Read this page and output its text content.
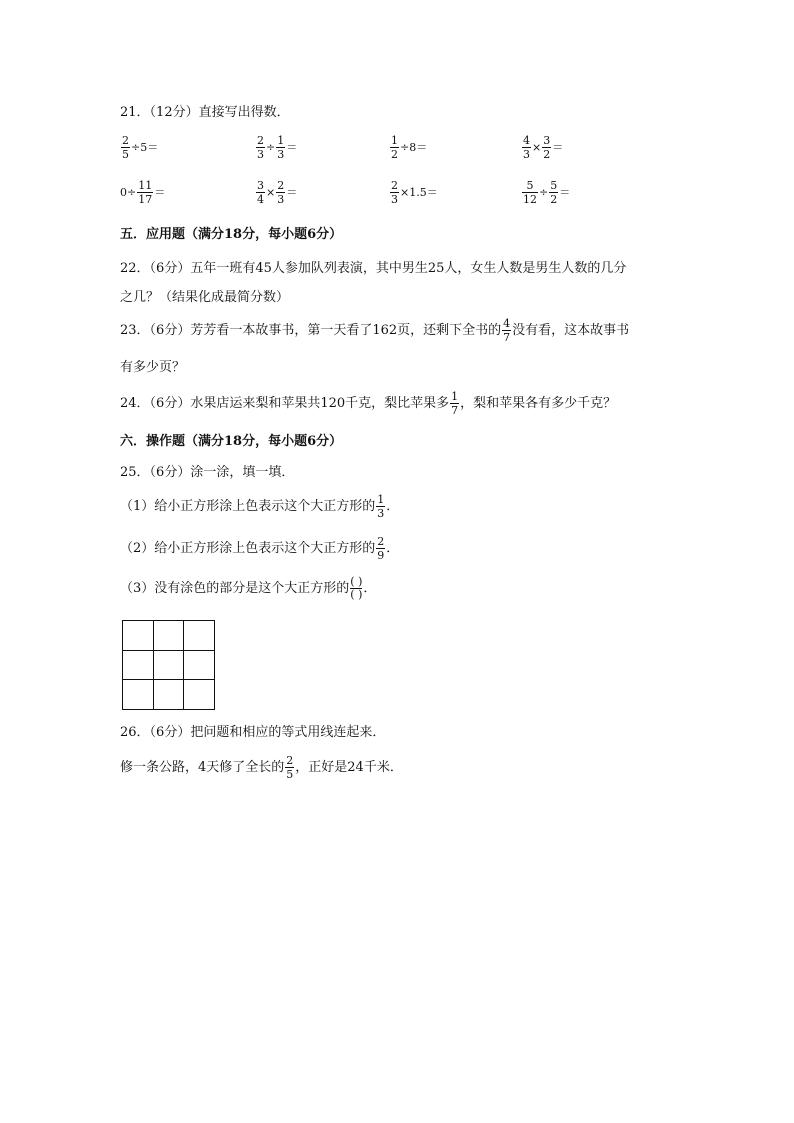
21．（12分）直接写出得数．
$\frac{2}{5} \div 5=$	$\frac{2}{3} \div \frac{1}{3}$ ＝	$\frac{1}{2} \div 8=$	$\frac{4}{3} \times \frac{3}{2}$ ＝
$0\div \frac{11}{17}$ ＝	$\frac{3}{4} \times \frac{2}{3}$ ＝	$\frac{2}{3} \times 1.5=$	$\frac{5}{12} \div \frac{5}{2}$ ＝
五．应用题（满分18分，每小题6分）
22．（6分）五年一班有45人参加队列表演，其中男生25人，女生人数是男生人数的几分
之几？（结果化成最简分数）
23．（6分）芳芳看一本故事书，第一天看了162页，还剩下全书的 4
7 没有看，这本故事书
有多少页？
24．（6分）水果店运来梨和苹果共120千克，梨比苹果多 1
7 ，梨和苹果各有多少千克？
六．操作题（满分18分，每小题6分）
25．（6分）涂一涂，填一填．
（1）给小正方形涂上色表示这个大正方形的 1
3 ．
（2）给小正方形涂上色表示这个大正方形的 2
9 ．
（3）没有涂色的部分是这个大正方形的 ( )
( ) ．
26．（6分）把问题和相应的等式用线连起来．
修一条公路，4天修了全长的 2
5 ，正好是24千米．
